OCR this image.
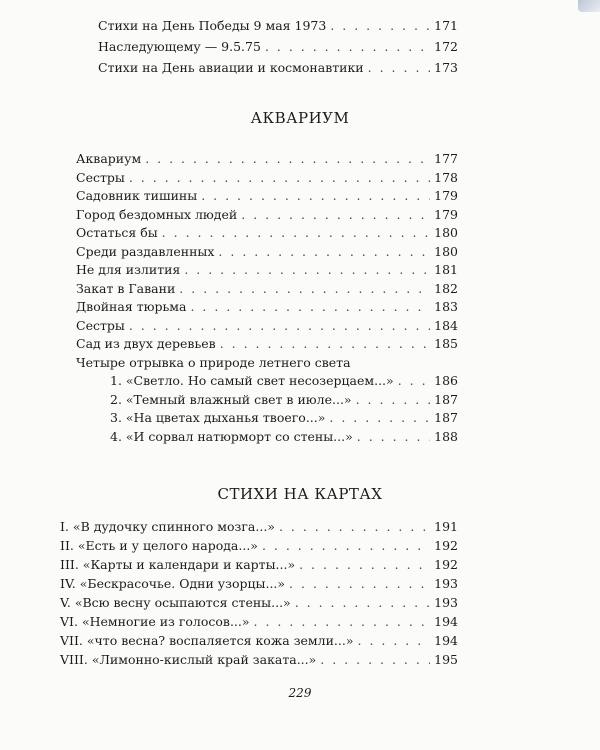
Стихи на День Победы 9 мая 1973 . . .	171
Наследующему — 9.5.75 . . .	172
Стихи на День авиации и космонавтики . . .	173
АКВАРИУМ
Аквариум . . .	177
Сестры . . .	178
Садовник тишины . . .	179
Город бездомных людей . . .	179
Остаться бы . . .	180
Среди раздавленных . . .	180
Не для излития . . .	181
Закат в Гавани . . .	182
Двойная тюрьма . . .	183
Сестры . . .	184
Сад из двух деревьев . . .	185
Четыре отрывка о природе летнего света
1. «Светло. Но самый свет несозерцаем...» . . .	186
2. «Темный влажный свет в июле...» . . .	187
3. «На цветах дыханья твоего...» . . .	187
4. «И сорвал натюрморт со стены...» . . .	188
СТИХИ НА КАРТАХ
I. «В дудочку спинного мозга...» . . .	191
II. «Есть и у целого народа...» . . .	192
III. «Карты и календари и карты...» . . .	192
IV. «Бескрасочье. Одни узорцы...» . . .	193
V. «Всю весну осыпаются стены...» . . .	193
VI. «Немногие из голосов...» . . .	194
VII. «что весна? воспаляется кожа земли...» . . .	194
VIII. «Лимонно-кислый край заката...» . . .	195
229
